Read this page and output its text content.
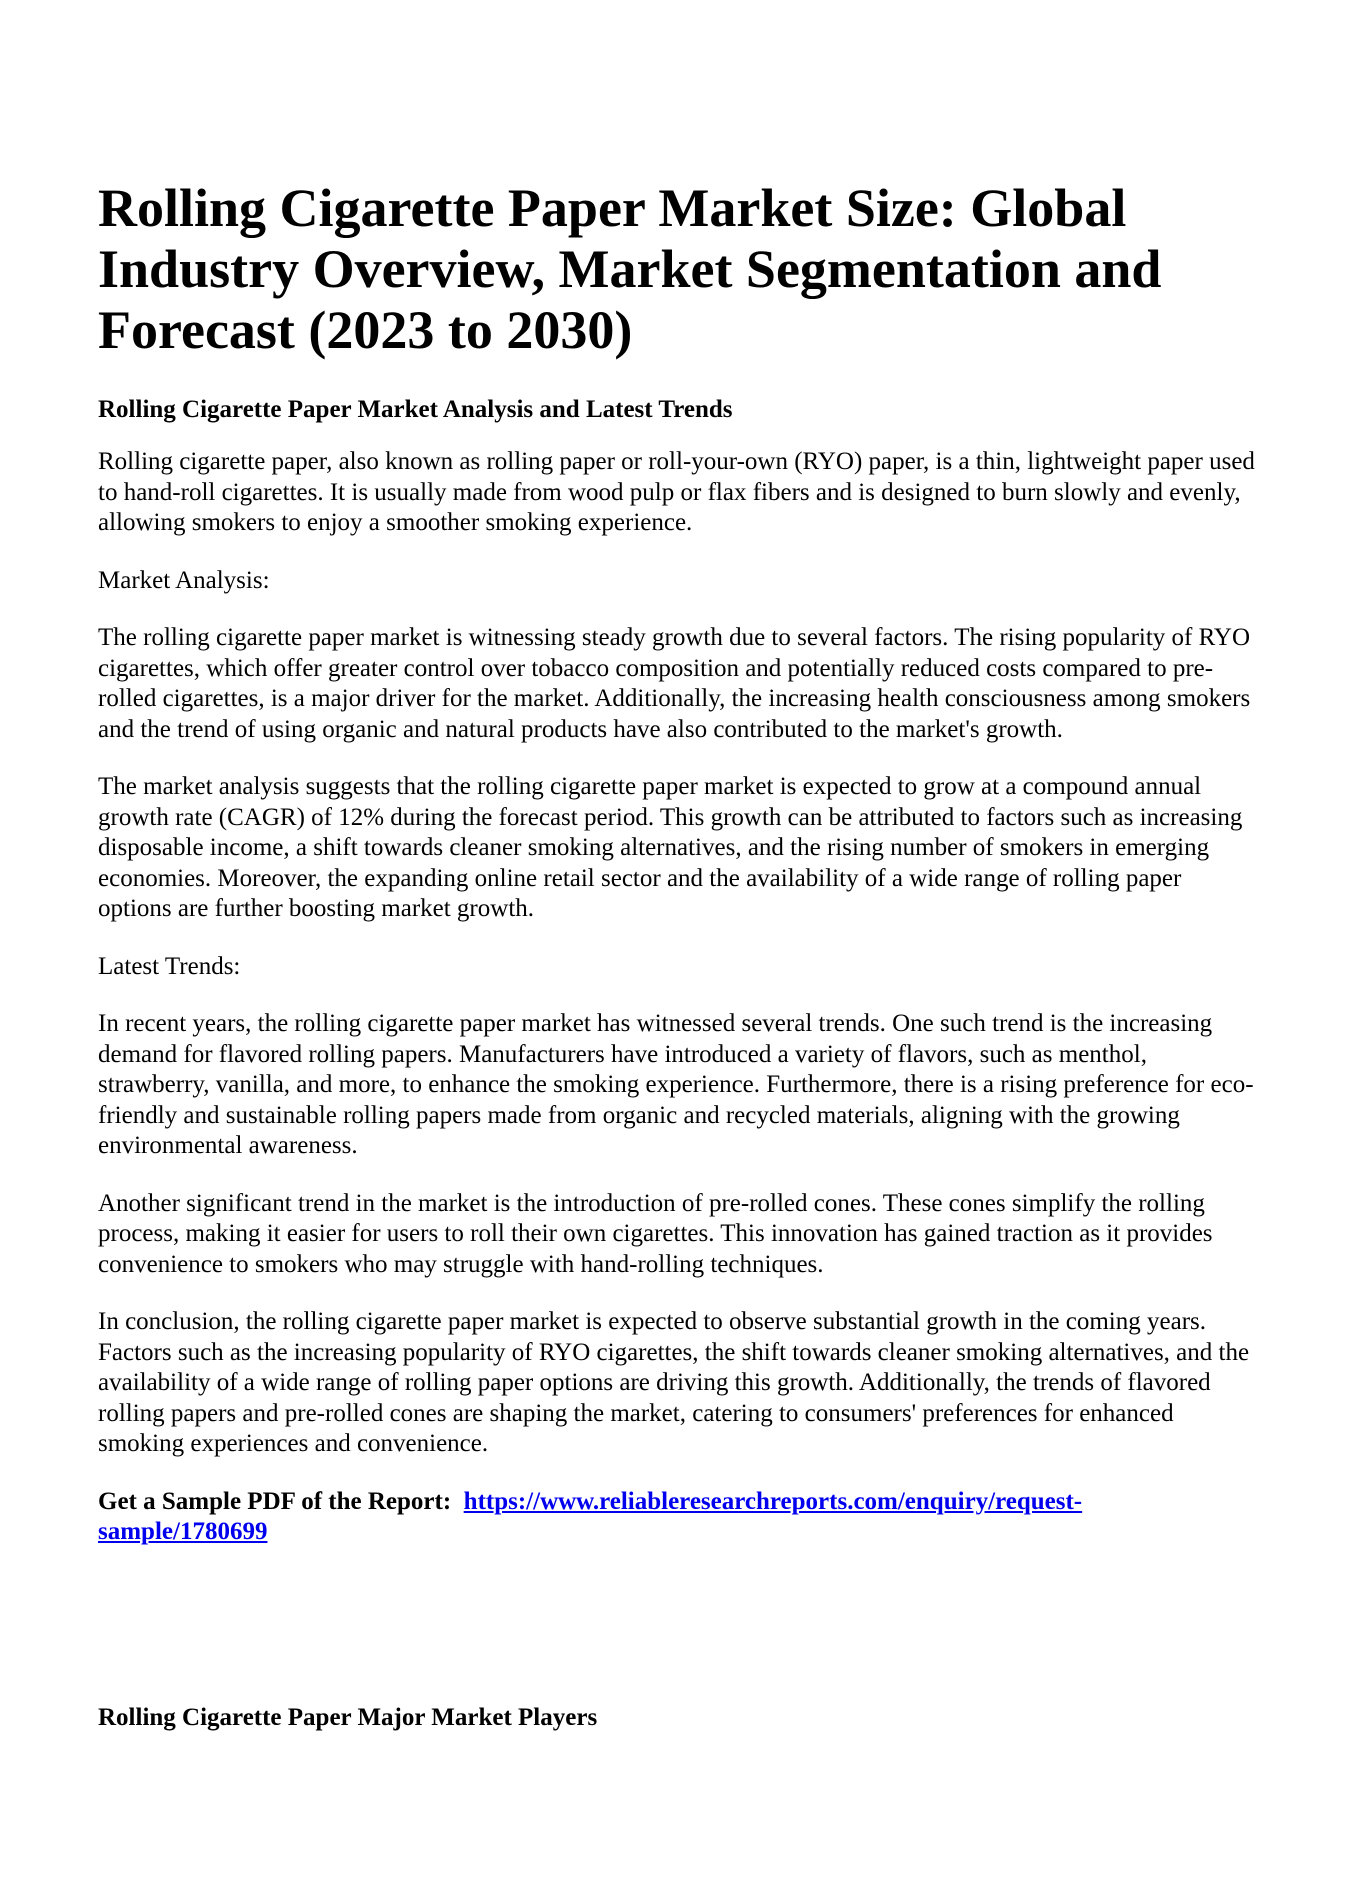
Rolling Cigarette Paper Market Size: Global Industry Overview, Market Segmentation and Forecast (2023 to 2030)
Rolling Cigarette Paper Market Analysis and Latest Trends

Rolling cigarette paper, also known as rolling paper or roll-your-own (RYO) paper, is a thin, lightweight paper used to hand-roll cigarettes. It is usually made from wood pulp or flax fibers and is designed to burn slowly and evenly, allowing smokers to enjoy a smoother smoking experience.

Market Analysis:

The rolling cigarette paper market is witnessing steady growth due to several factors. The rising popularity of RYO cigarettes, which offer greater control over tobacco composition and potentially reduced costs compared to pre-rolled cigarettes, is a major driver for the market. Additionally, the increasing health consciousness among smokers and the trend of using organic and natural products have also contributed to the market's growth.

The market analysis suggests that the rolling cigarette paper market is expected to grow at a compound annual growth rate (CAGR) of 12% during the forecast period. This growth can be attributed to factors such as increasing disposable income, a shift towards cleaner smoking alternatives, and the rising number of smokers in emerging economies. Moreover, the expanding online retail sector and the availability of a wide range of rolling paper options are further boosting market growth.

Latest Trends:

In recent years, the rolling cigarette paper market has witnessed several trends. One such trend is the increasing demand for flavored rolling papers. Manufacturers have introduced a variety of flavors, such as menthol, strawberry, vanilla, and more, to enhance the smoking experience. Furthermore, there is a rising preference for eco-friendly and sustainable rolling papers made from organic and recycled materials, aligning with the growing environmental awareness.

Another significant trend in the market is the introduction of pre-rolled cones. These cones simplify the rolling process, making it easier for users to roll their own cigarettes. This innovation has gained traction as it provides convenience to smokers who may struggle with hand-rolling techniques.

In conclusion, the rolling cigarette paper market is expected to observe substantial growth in the coming years. Factors such as the increasing popularity of RYO cigarettes, the shift towards cleaner smoking alternatives, and the availability of a wide range of rolling paper options are driving this growth. Additionally, the trends of flavored rolling papers and pre-rolled cones are shaping the market, catering to consumers' preferences for enhanced smoking experiences and convenience.

Get a Sample PDF of the Report: https://www.reliableresearchreports.com/enquiry/request-
sample/1780699
Rolling Cigarette Paper Major Market Players
